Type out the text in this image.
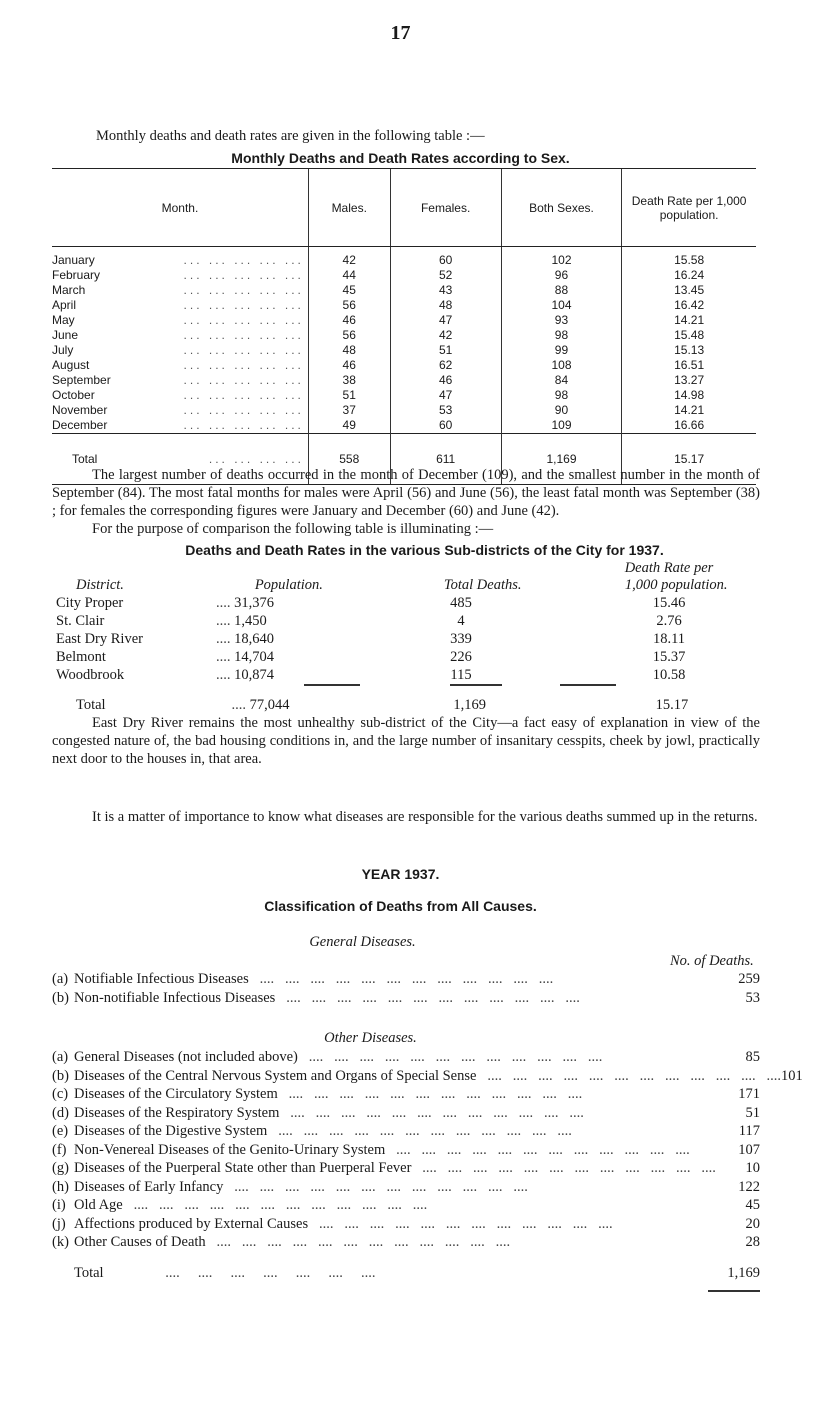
17
Monthly deaths and death rates are given in the following table :—
Monthly Deaths and Death Rates according to Sex.
Month.	Males.	Females.	Both Sexes.	Death Rate per 1,000 population.
January ... ... ... ... ...	42	60	102	15.58
February ... ... ... ... ...	44	52	96	16.24
March ... ... ... ... ...	45	43	88	13.45
April ... ... ... ... ...	56	48	104	16.42
May ... ... ... ... ...	46	47	93	14.21
June ... ... ... ... ...	56	42	98	15.48
July ... ... ... ... ...	48	51	99	15.13
August ... ... ... ... ...	46	62	108	16.51
September ... ... ... ... ...	38	46	84	13.27
October ... ... ... ... ...	51	47	98	14.98
November ... ... ... ... ...	37	53	90	14.21
December ... ... ... ... ...	49	60	109	16.66
Total ... ... ... ...	558	611	1,169	15.17
The largest number of deaths occurred in the month of December (109), and the smallest number in the month of September (84). The most fatal months for males were April (56) and June (56), the least fatal month was September (38) ; for females the corresponding figures were January and December (60) and June (42).
For the purpose of comparison the following table is illuminating :—
Deaths and Death Rates in the various Sub-districts of the City for 1937.
Death Rate per
District.	Population.	Total Deaths.	1,000 population.
City Proper	.... 31,376	485	15.46
St. Clair	.... 1,450	4	2.76
East Dry River	.... 18,640	339	18.11
Belmont	.... 14,704	226	15.37
Woodbrook	.... 10,874	115	10.58
Total	.... 77,044	1,169	15.17
East Dry River remains the most unhealthy sub-district of the City—a fact easy of explanation in view of the congested nature of, the bad housing conditions in, and the large number of insanitary cesspits, cheek by jowl, practically next door to the houses in, that area.
It is a matter of importance to know what diseases are responsible for the various deaths summed up in the returns.
YEAR 1937.
Classification of Deaths from All Causes.
General Diseases.
No. of Deaths.
(a) Notifiable Infectious Diseases   ....   ....   ....   ....   ....   ....   ....   ....   ....   ....   ....   ....	259
(b) Non-notifiable Infectious Diseases   ....   ....   ....   ....   ....   ....   ....   ....   ....   ....   ....   ....	53
Other Diseases.
(a) General Diseases (not included above)   ....   ....   ....   ....   ....   ....   ....   ....   ....   ....   ....   ....	85
(b) Diseases of the Central Nervous System and Organs of Special Sense   ....   ....   ....   ....   ....   ....   ....   ....   ....   ....   ....   .... 101
(c) Diseases of the Circulatory System   ....   ....   ....   ....   ....   ....   ....   ....   ....   ....   ....   ....	171
(d) Diseases of the Respiratory System   ....   ....   ....   ....   ....   ....   ....   ....   ....   ....   ....   ....	51
(e) Diseases of the Digestive System   ....   ....   ....   ....   ....   ....   ....   ....   ....   ....   ....   ....	117
(f) Non-Venereal Diseases of the Genito-Urinary System   ....   ....   ....   ....   ....   ....   ....   ....   ....   ....   ....   ....	107
(g) Diseases of the Puerperal State other than Puerperal Fever   ....   ....   ....   ....   ....   ....   ....   ....   ....   ....   ....   ....	10
(h) Diseases of Early Infancy   ....   ....   ....   ....   ....   ....   ....   ....   ....   ....   ....   ....	122
(i) Old Age   ....   ....   ....   ....   ....   ....   ....   ....   ....   ....   ....   ....	45
(j) Affections produced by External Causes   ....   ....   ....   ....   ....   ....   ....   ....   ....   ....   ....   ....	20
(k) Other Causes of Death   ....   ....   ....   ....   ....   ....   ....   ....   ....   ....   ....   ....	28
Total                 ....     ....     ....     ....     ....     ....     ....	1,169
